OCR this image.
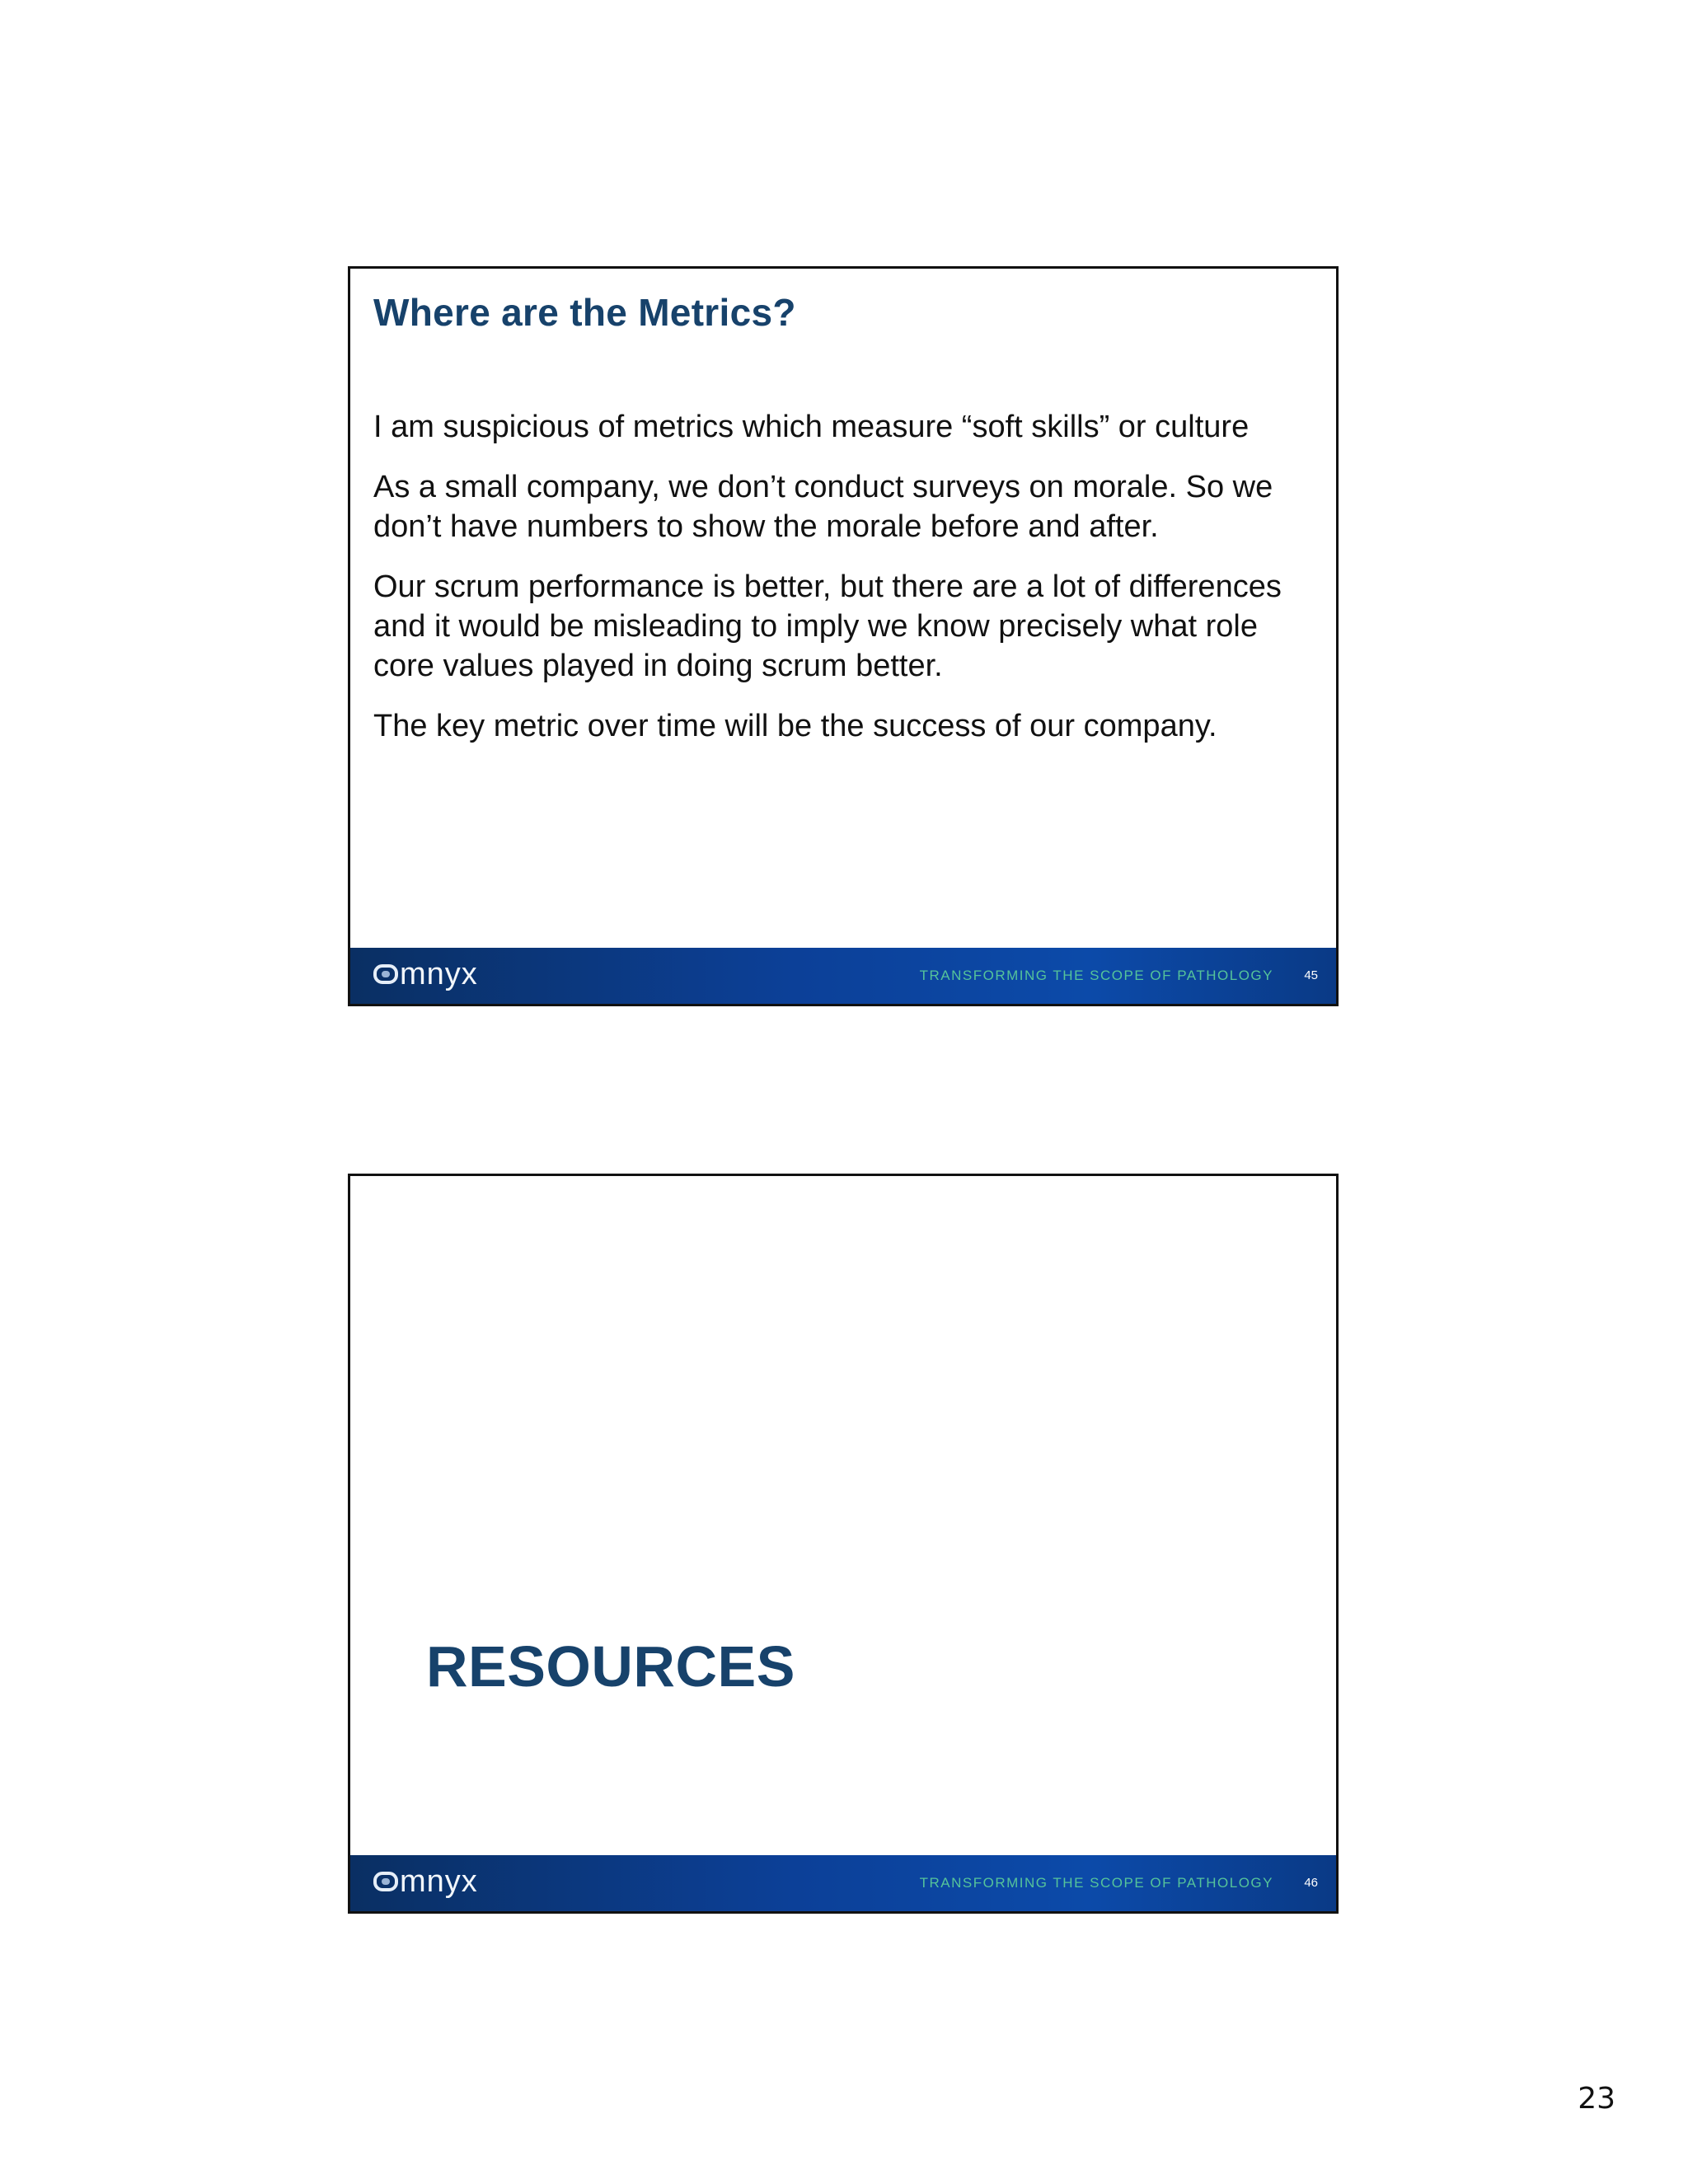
Where are the Metrics?

I am suspicious of metrics which measure “soft skills” or culture

As a small company, we don’t conduct surveys on morale. So we don’t have numbers to show the morale before and after.

Our scrum performance is better, but there are a lot of differences and it would be misleading to imply we know precisely what role core values played in doing scrum better.

The key metric over time will be the success of our company.

mnyx	TRANSFORMING THE SCOPE OF PATHOLOGY 45
RESOURCES
mnyx	TRANSFORMING THE SCOPE OF PATHOLOGY 46
23
